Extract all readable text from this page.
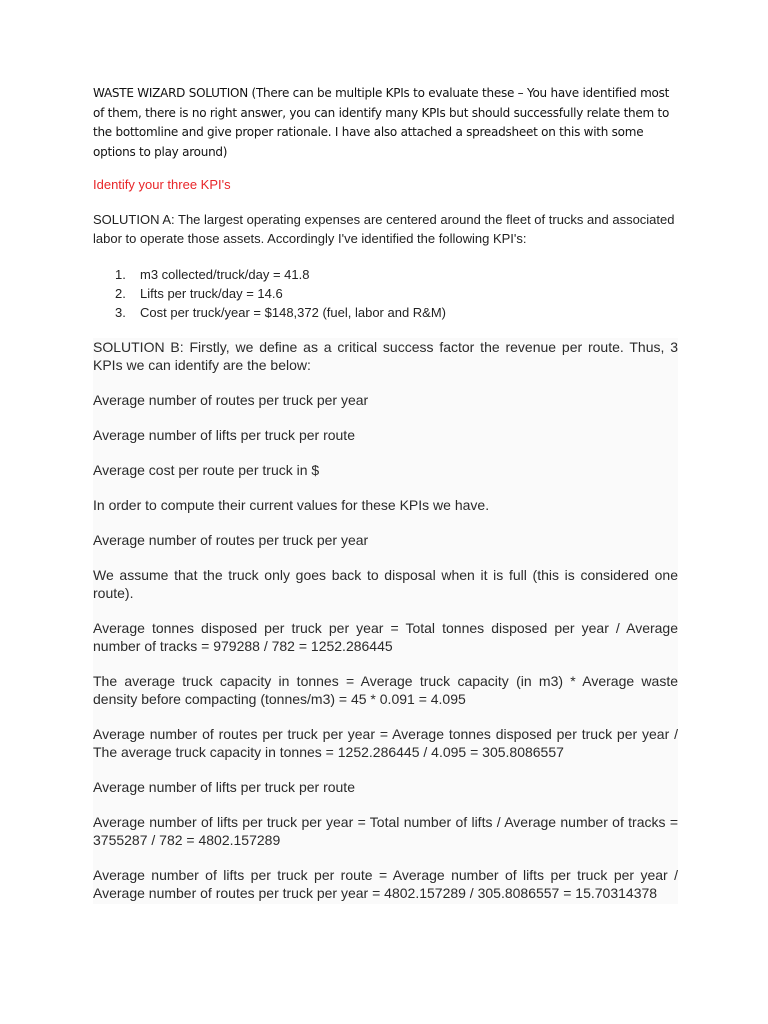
WASTE WIZARD SOLUTION (There can be multiple KPIs to evaluate these – You have identified most of them, there is no right answer, you can identify many KPIs but should successfully relate them to the bottomline and give proper rationale. I have also attached a spreadsheet on this with some options to play around)

Identify your three KPI's

SOLUTION A: The largest operating expenses are centered around the fleet of trucks and associated labor to operate those assets. Accordingly I've identified the following KPI's:

1.	m3 collected/truck/day = 41.8
2.	Lifts per truck/day = 14.6
3.	Cost per truck/year = $148,372 (fuel, labor and R&M)

SOLUTION B: Firstly, we define as a critical success factor the revenue per route. Thus, 3 KPIs we can identify are the below:

Average number of routes per truck per year

Average number of lifts per truck per route

Average cost per route per truck in $

In order to compute their current values for these KPIs we have.

Average number of routes per truck per year

We assume that the truck only goes back to disposal when it is full (this is considered one route).

Average tonnes disposed per truck per year = Total tonnes disposed per year / Average number of tracks = 979288 / 782 = 1252.286445

The average truck capacity in tonnes = Average truck capacity (in m3) * Average waste density before compacting (tonnes/m3) = 45 * 0.091 = 4.095

Average number of routes per truck per year = Average tonnes disposed per truck per year / The average truck capacity in tonnes = 1252.286445 / 4.095 = 305.8086557

Average number of lifts per truck per route

Average number of lifts per truck per year = Total number of lifts / Average number of tracks = 3755287 / 782 = 4802.157289

Average number of lifts per truck per route = Average number of lifts per truck per year / Average number of routes per truck per year = 4802.157289 / 305.8086557 = 15.70314378
